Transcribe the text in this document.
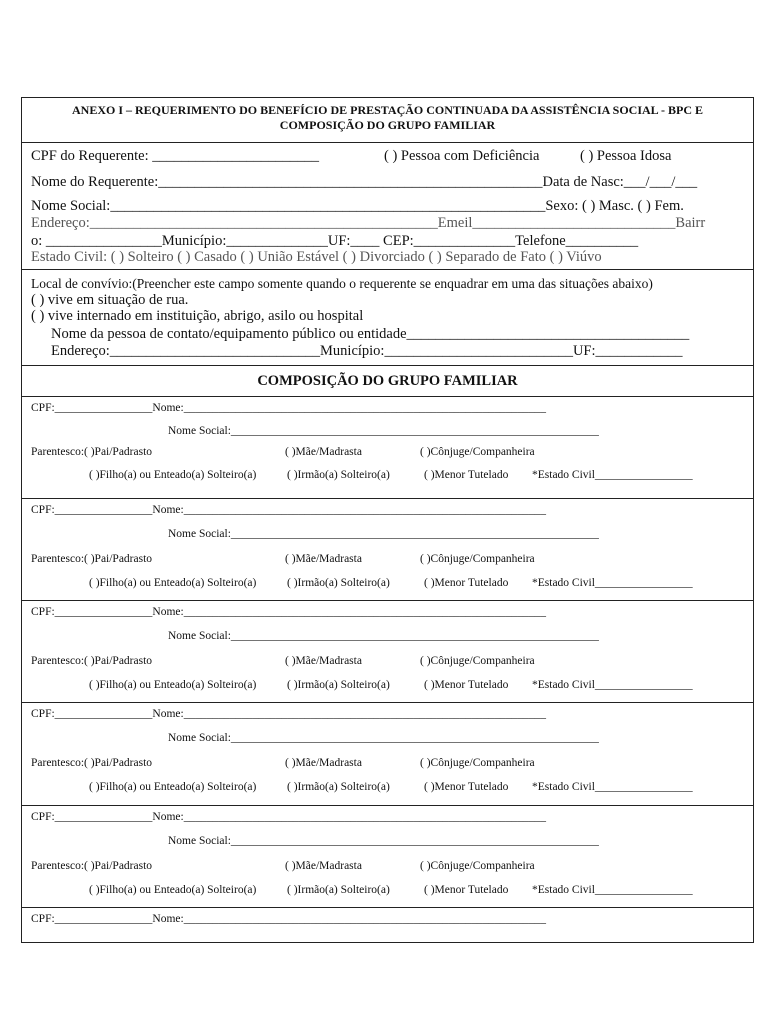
ANEXO I – REQUERIMENTO DO BENEFÍCIO DE PRESTAÇÃO CONTINUADA DA ASSISTÊNCIA SOCIAL - BPC E COMPOSIÇÃO DO GRUPO FAMILIAR
CPF do Requerente: _______________________	( ) Pessoa com Deficiência	( ) Pessoa Idosa
Nome do Requerente:_____________________________________________________Data de Nasc:___/___/___
Nome Social:____________________________________________________________Sexo: ( ) Masc. ( ) Fem.
Endereço:________________________________________________Emeil____________________________Bairr
o: ________________Município:______________UF:____ CEP:______________Telefone__________
Estado Civil: ( ) Solteiro ( ) Casado ( ) União Estável ( ) Divorciado ( ) Separado de Fato ( ) Viúvo
Local de convívio:(Preencher este campo somente quando o requerente se enquadrar em uma das situações abaixo)
( ) vive em situação de rua.
( ) vive internado em instituição, abrigo, asilo ou hospital
Nome da pessoa de contato/equipamento público ou entidade_______________________________________
Endereço:_____________________________Município:__________________________UF:____________
COMPOSIÇÃO DO GRUPO FAMILIAR
CPF:_________________Nome:_______________________________________________________________
Nome Social:________________________________________________________________
Parentesco:( )Pai/Padrasto	( )Mãe/Madrasta	( )Cônjuge/Companheira
( )Filho(a) ou Enteado(a) Solteiro(a)	( )Irmão(a) Solteiro(a)	( )Menor Tutelado *Estado Civil_________________
CPF:_________________Nome:_______________________________________________________________
Nome Social:________________________________________________________________
Parentesco:( )Pai/Padrasto	( )Mãe/Madrasta	( )Cônjuge/Companheira
( )Filho(a) ou Enteado(a) Solteiro(a)	( )Irmão(a) Solteiro(a)	( )Menor Tutelado *Estado Civil_________________
CPF:_________________Nome:_______________________________________________________________
Nome Social:________________________________________________________________
Parentesco:( )Pai/Padrasto	( )Mãe/Madrasta	( )Cônjuge/Companheira
( )Filho(a) ou Enteado(a) Solteiro(a)	( )Irmão(a) Solteiro(a)	( )Menor Tutelado *Estado Civil_________________
CPF:_________________Nome:_______________________________________________________________
Nome Social:________________________________________________________________
Parentesco:( )Pai/Padrasto	( )Mãe/Madrasta	( )Cônjuge/Companheira
( )Filho(a) ou Enteado(a) Solteiro(a)	( )Irmão(a) Solteiro(a)	( )Menor Tutelado *Estado Civil_________________
CPF:_________________Nome:_______________________________________________________________
Nome Social:________________________________________________________________
Parentesco:( )Pai/Padrasto	( )Mãe/Madrasta	( )Cônjuge/Companheira
( )Filho(a) ou Enteado(a) Solteiro(a)	( )Irmão(a) Solteiro(a)	( )Menor Tutelado *Estado Civil_________________
CPF:_________________Nome:_______________________________________________________________
